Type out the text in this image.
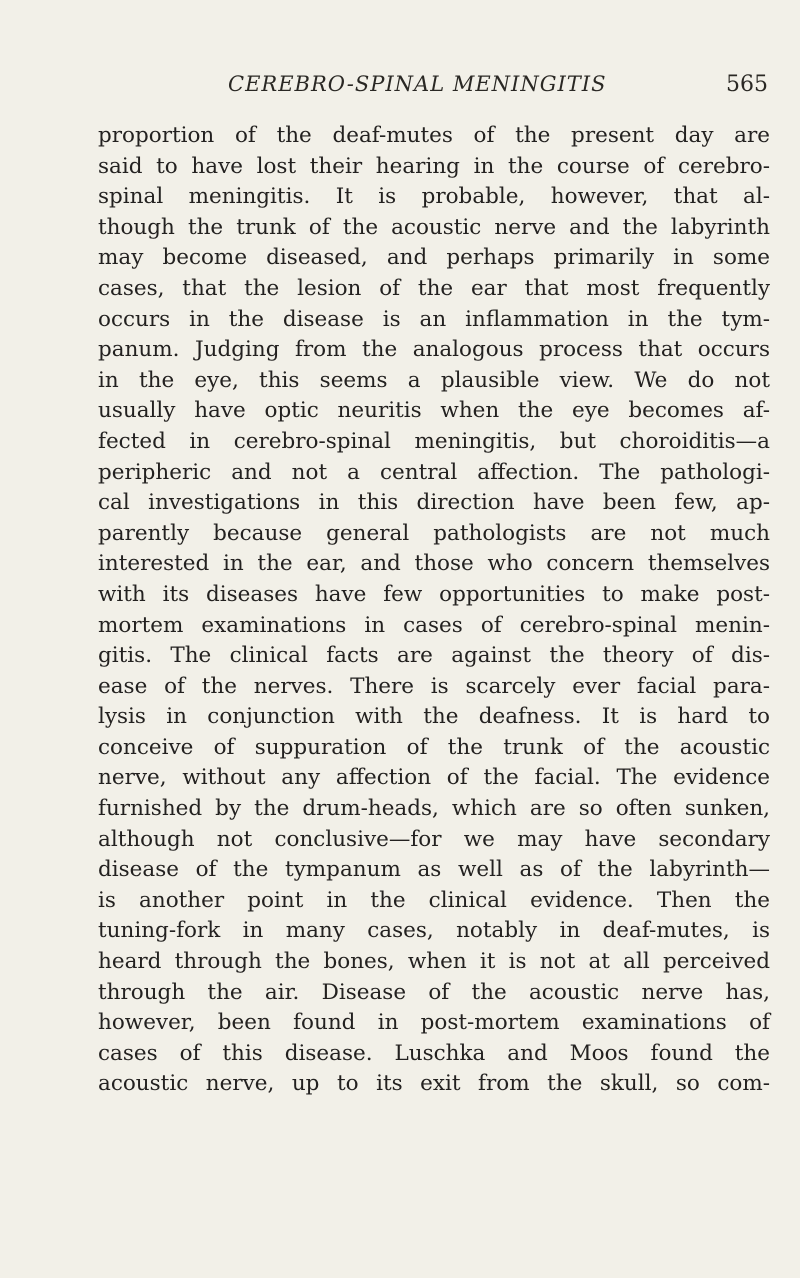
CEREBRO-SPINAL MENINGITIS	565
proportion of the deaf-mutes of the present day are
said to have lost their hearing in the course of cerebro-
spinal meningitis. It is probable, however, that al-
though the trunk of the acoustic nerve and the labyrinth
may become diseased, and perhaps primarily in some
cases, that the lesion of the ear that most frequently
occurs in the disease is an inflammation in the tym-
panum. Judging from the analogous process that occurs
in the eye, this seems a plausible view. We do not
usually have optic neuritis when the eye becomes af-
fected in cerebro-spinal meningitis, but choroiditis—a
peripheric and not a central affection. The pathologi-
cal investigations in this direction have been few, ap-
parently because general pathologists are not much
interested in the ear, and those who concern themselves
with its diseases have few opportunities to make post-
mortem examinations in cases of cerebro-spinal menin-
gitis. The clinical facts are against the theory of dis-
ease of the nerves. There is scarcely ever facial para-
lysis in conjunction with the deafness. It is hard to
conceive of suppuration of the trunk of the acoustic
nerve, without any affection of the facial. The evidence
furnished by the drum-heads, which are so often sunken,
although not conclusive—for we may have secondary
disease of the tympanum as well as of the labyrinth—
is another point in the clinical evidence. Then the
tuning-fork in many cases, notably in deaf-mutes, is
heard through the bones, when it is not at all perceived
through the air. Disease of the acoustic nerve has,
however, been found in post-mortem examinations of
cases of this disease. Luschka and Moos found the
acoustic nerve, up to its exit from the skull, so com-
